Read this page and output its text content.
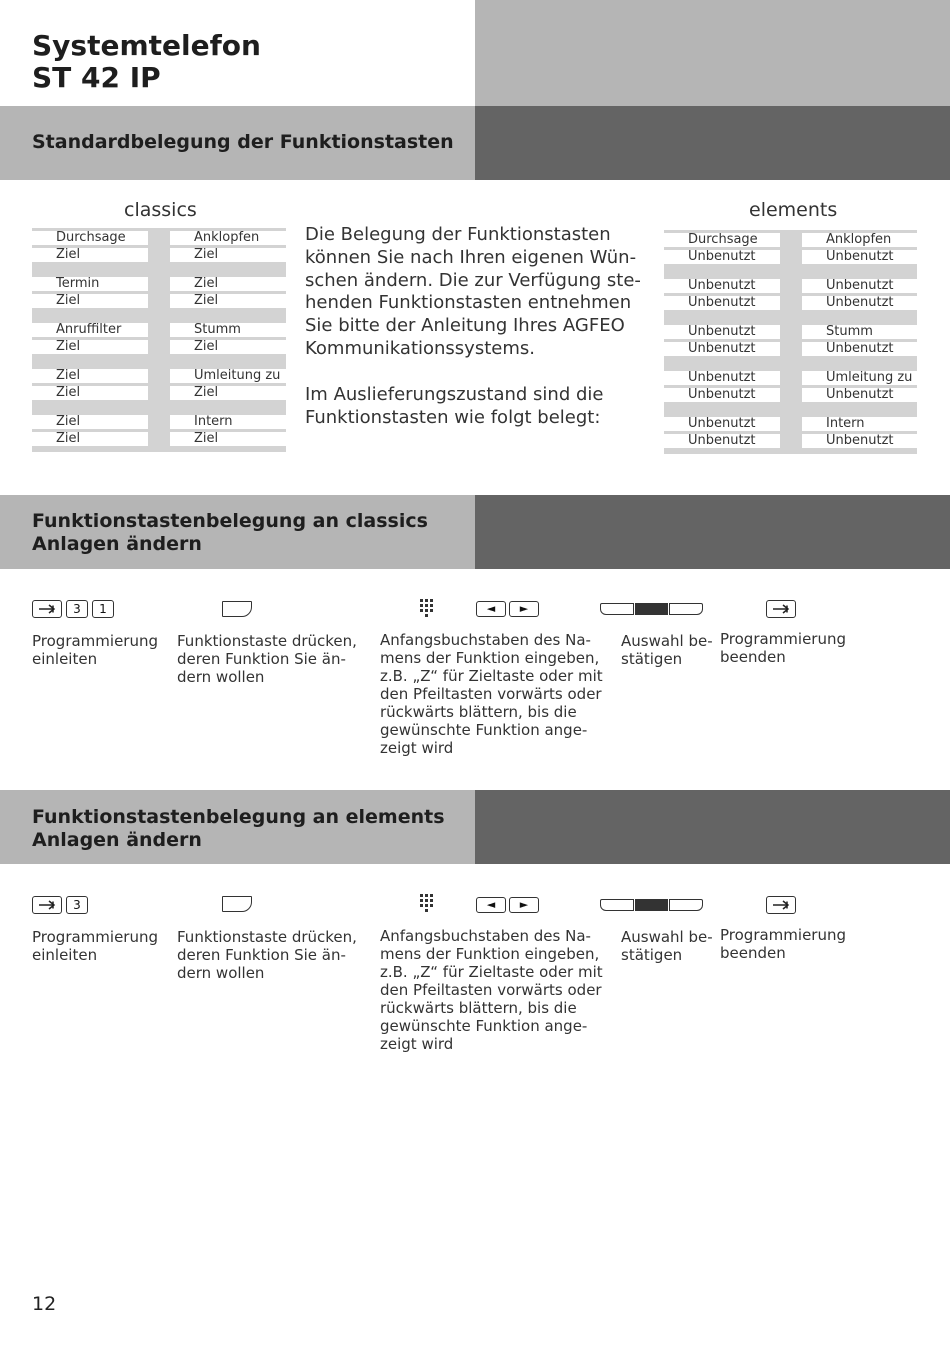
Systemtelefon
ST 42 IP
Standardbelegung der Funktionstasten
classics
Durchsage	Anklopfen
Ziel	Ziel
Termin	Ziel
Ziel	Ziel
Anruffilter	Stumm
Ziel	Ziel
Ziel	Umleitung zu
Ziel	Ziel
Ziel	Intern
Ziel	Ziel
Die Belegung der Funktionstasten
können Sie nach Ihren eigenen Wün-
schen ändern. Die zur Verfügung ste-
henden Funktionstasten entnehmen
Sie bitte der Anleitung Ihres AGFEO
Kommunikationssystems.
Im Auslieferungszustand sind die
Funktionstasten wie folgt belegt:
elements
Durchsage	Anklopfen
Unbenutzt	Unbenutzt
Unbenutzt	Unbenutzt
Unbenutzt	Unbenutzt
Unbenutzt	Stumm
Unbenutzt	Unbenutzt
Unbenutzt	Umleitung zu
Unbenutzt	Unbenutzt
Unbenutzt	Intern
Unbenutzt	Unbenutzt
Funktionstastenbelegung an classics
Anlagen ändern
3	1	◄	►
Programmierung
einleiten
Funktionstaste drücken,
deren Funktion Sie än-
dern wollen
Anfangsbuchstaben des Na-
mens der Funktion eingeben,
z.B. „Z“ für Zieltaste oder mit
den Pfeiltasten vorwärts oder
rückwärts blättern, bis die
gewünschte Funktion ange-
zeigt wird
Auswahl be-
stätigen
Programmierung
beenden
Funktionstastenbelegung an elements
Anlagen ändern
3	◄	►
Programmierung
einleiten
Funktionstaste drücken,
deren Funktion Sie än-
dern wollen
Anfangsbuchstaben des Na-
mens der Funktion eingeben,
z.B. „Z“ für Zieltaste oder mit
den Pfeiltasten vorwärts oder
rückwärts blättern, bis die
gewünschte Funktion ange-
zeigt wird
Auswahl be-
stätigen
Programmierung
beenden
12
